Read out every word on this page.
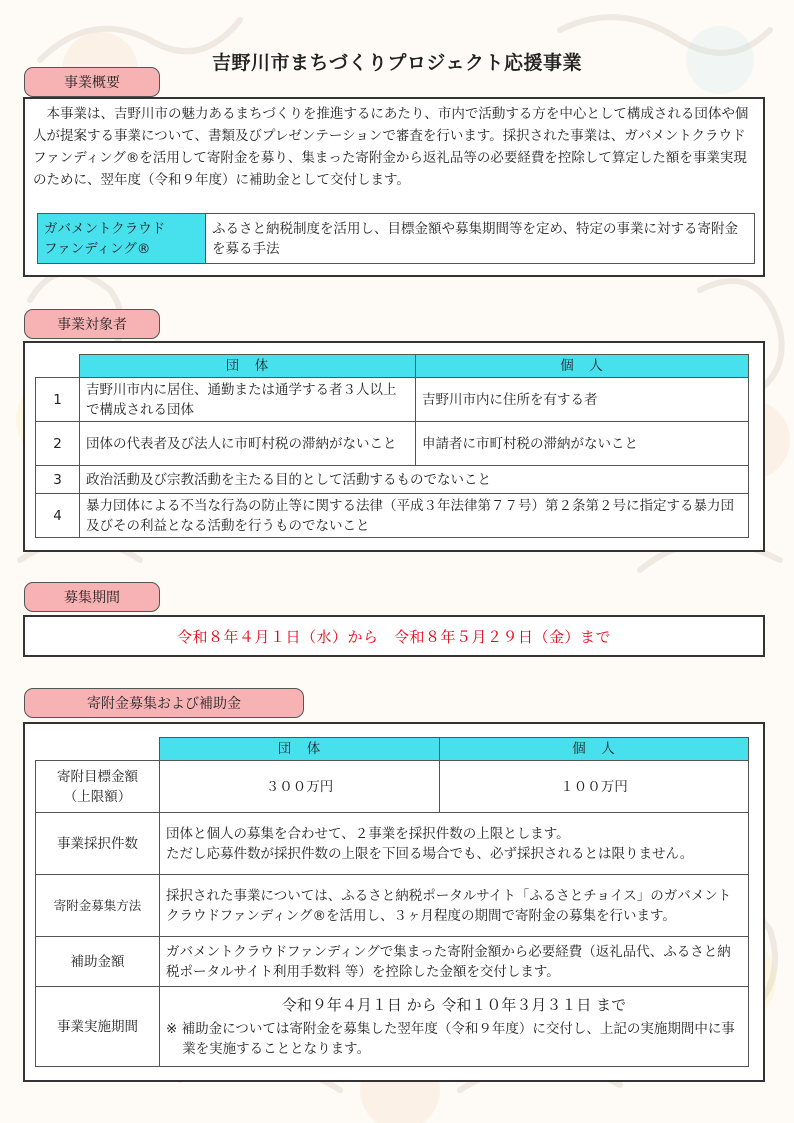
吉野川市まちづくりプロジェクト応援事業
事業概要

本事業は、吉野川市の魅力あるまちづくりを推進するにあたり、市内で活動する方を中心として構成される団体や個人が提案する事業について、書類及びプレゼンテーションで審査を行います。採択された事業は、ガバメントクラウドファンディング®を活用して寄附金を募り、集まった寄附金から返礼品等の必要経費を控除して算定した額を事業実現のために、翌年度（令和９年度）に補助金として交付します。

ガバメントクラウド
ファンディング®
	ふるさと納税制度を活用し、目標金額や募集期間等を定め、特定の事業に対する寄附金を募る手法
事業対象者
	団　体	個　人
1	吉野川市内に居住、通勤または通学する者３人以上で構成される団体	吉野川市内に住所を有する者
2	団体の代表者及び法人に市町村税の滞納がないこと	申請者に市町村税の滞納がないこと
3	政治活動及び宗教活動を主たる目的として活動するものでないこと	
4	暴力団体による不当な行為の防止等に関する法律（平成３年法律第７７号）第２条第２号に指定する暴力団及びその利益となる活動を行うものでないこと	
募集期間
令和８年４月１日（水）から　令和８年５月２９日（金）まで
寄附金募集および補助金
	団　体	個　人
寄附目標金額
（上限額）	３００万円	１００万円
事業採択件数	団体と個人の募集を合わせて、２事業を採択件数の上限とします。
ただし応募件数が採択件数の上限を下回る場合でも、必ず採択されるとは限りません。	
寄附金募集方法	採択された事業については、ふるさと納税ポータルサイト「ふるさとチョイス」のガバメントクラウドファンディング®を活用し、３ヶ月程度の期間で寄附金の募集を行います。	
補助金額	ガバメントクラウドファンディングで集まった寄附金額から必要経費（返礼品代、ふるさと納税ポータルサイト利用手数料 等）を控除した金額を交付します。	
事業実施期間	令和９年４月１日 から 令和１０年３月３１日 まで
※ 補助金については寄附金を募集した翌年度（令和９年度）に交付し、上記の実施期間中に事業を実施することとなります。	
